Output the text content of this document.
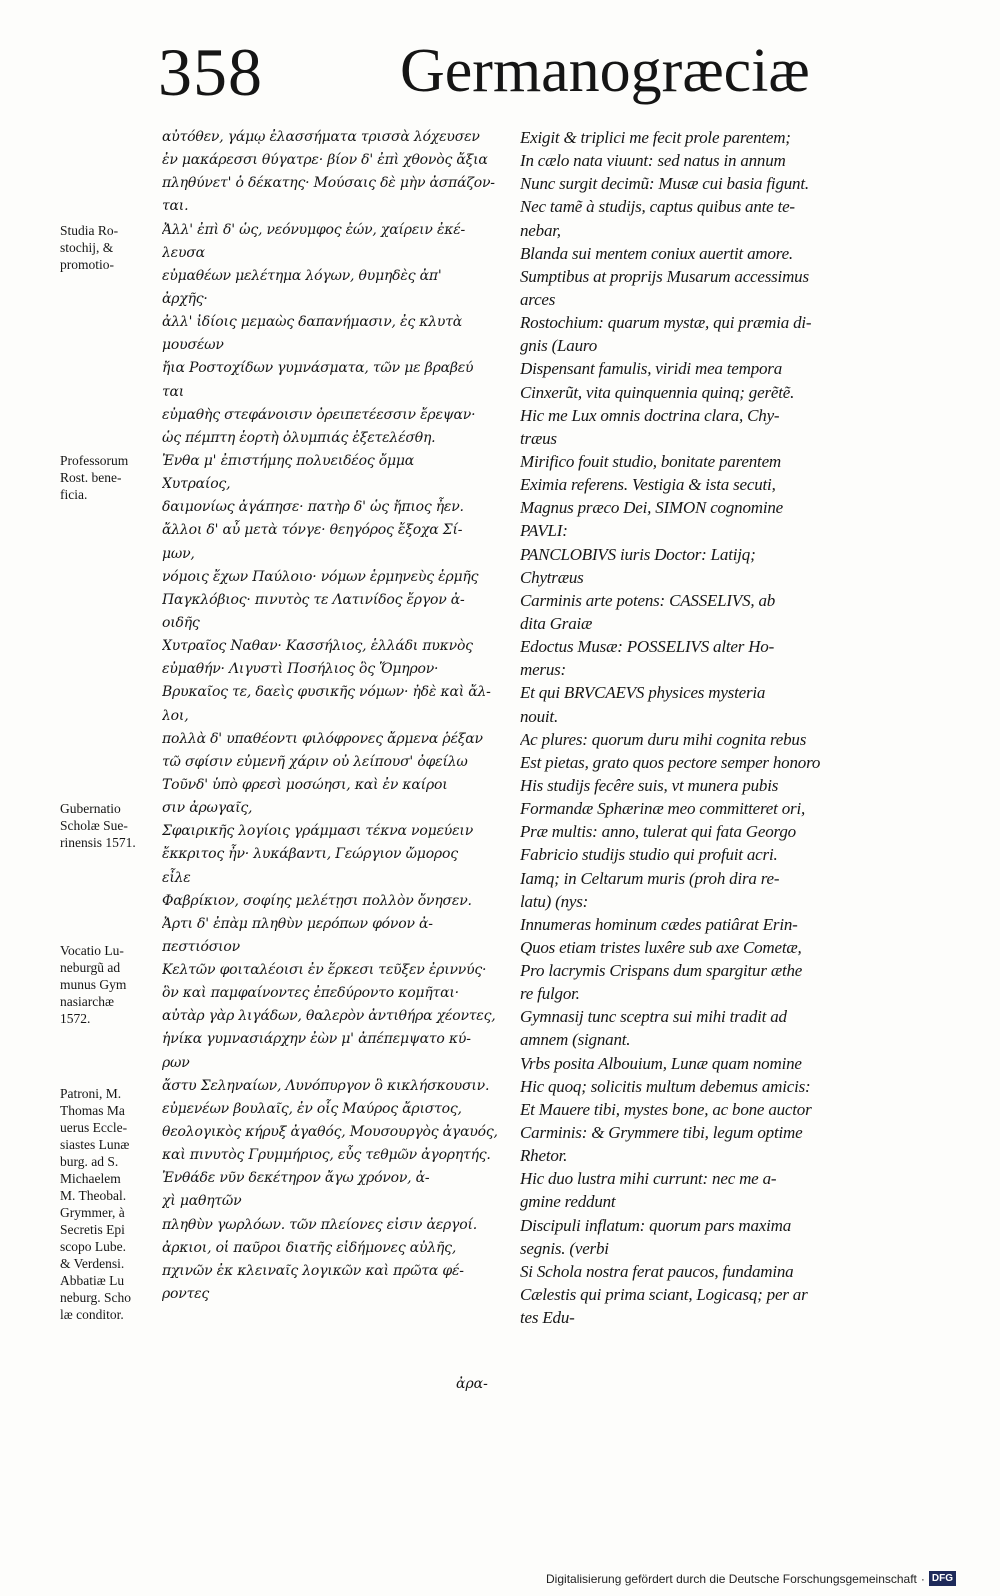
358 Germanogræciæ
Studia Ro-
stochij, &
promotio-
Professorum
Rost. bene-
ficia.
Gubernatio
Scholæ Sue-
rinensis 1571.
Vocatio Lu-
neburgũ ad
munus Gym
nasiarchæ
1572.
Patroni, M.
Thomas Ma
uerus Eccle-
siastes Lunæ
burg. ad S.
Michaelem
M. Theobal.
Grymmer, à
Secretis Epi
scopo Lube.
& Verdensi.
Abbatiæ Lu
neburg. Scho
læ conditor.
αὐτόθεν, γάμῳ ἐλασσήματα τρισσὰ λόχευσεν
ἐν μακάρεσσι θύγατρε· βίον δ' ἐπὶ χθονὸς ἄξια
πληθύνετ' ὁ δέκατης· Μούσαις δὲ μὴν ἀσπάζον-
ται.
Ἀλλ' ἐπὶ δ' ὡς, νεόνυμφος ἐών, χαίρειν ἐκέ-
λευσα
εὐμαθέων μελέτημα λόγων, θυμηδὲς ἀπ'
ἀρχῆς·
ἀλλ' ἰδίοις μεμαὼς δαπανήμασιν, ἐς κλυτὰ
μουσέων
ἤια Ροστοχίδων γυμνάσματα, τῶν με βραβεύ
ται
εὐμαθὴς στεφάνοισιν ὀρειπετέεσσιν ἔρεψαν·
ὡς πέμπτη ἑορτὴ ὀλυμπιάς ἐξετελέσθη.
Ἐνθα μ' ἐπιστήμης πολυειδέος ὄμμα
Χυτραίος,
δαιμονίως ἀγάπησε· πατὴρ δ' ὡς ἤπιος ἦεν.
ἄλλοι δ' αὖ μετὰ τόνγε· θεηγόρος ἔξοχα Σί-
μων,
νόμοις ἔχων Παύλοιο· νόμων ἑρμηνεὺς ἑρμῆς
Παγκλόβιος· πινυτὸς τε Λατινίδος ἔργον ἀ-
οιδῆς
Χυτραῖος Ναθαν· Κασσήλιος, ἑλλάδι πυκνὸς
εὐμαθήν· Λιγυστὶ Ποσήλιος ὃς Ὅμηρον·
Βρυκαῖος τε, δαεὶς φυσικῆς νόμων· ἠδὲ καὶ ἄλ-
λοι,
πολλὰ δ' υπαθέοντι φιλόφρονες ἄρμενα ῥέξαν
τῶ σφίσιν εὐμενῆ χάριν οὐ λείπουσ' ὀφείλω
Τοῦνδ' ὑπὸ φρεσὶ μοσώησι, καὶ ἐν καίροι
σιν ἀρωγαῖς,
Σφαιρικῆς λογίοις γράμμασι τέκνα νομεύειν
ἔκκριτος ἦν· λυκάβαντι, Γεώργιον ὤμορος
εἶλε
Φαβρίκιον, σοφίης μελέτῃσι πολλὸν ὄνησεν.
Ἀρτι δ' ἐπὰμ πληθὺν μερόπων φόνον ἀ-
πεστιόσιον
Κελτῶν φοιταλέοισι ἐν ἕρκεσι τεῦξεν ἐριννύς·
ὃν καὶ παμφαίνοντες ἐπεδύροντο κομῆται·
αὐτὰρ γὰρ λιγάδων, θαλερὸν ἀντιθήρα χέοντες,
ἡνίκα γυμνασιάρχην ἐὼν μ' ἀπέπεμψατο κύ-
ρων
ἄστυ Σεληναίων, Λυνόπυργον ὃ κικλήσκουσιν.
εὐμενέων βουλαῖς, ἐν οἷς Μαύρος ἄριστος,
θεολογικὸς κήρυξ ἀγαθός, Μουσουργὸς ἀγαυός,
καὶ πινυτὸς Γρυμμήριος, εὖς τεθμῶν ἀγορητής.
Ἐνθάδε νῦν δεκέτηρον ἄγω χρόνον, ἀ-
χὶ μαθητῶν
πληθὺν γωρλόων. τῶν πλείονες εἰσιν ἀεργοί.
ἀρκιοι, οἱ παῦροι διατῆς εἰδήμονες αὐλῆς,
πχινῶν ἐκ κλειναῖς λογικῶν καὶ πρῶτα φέ-
ροντες
Exigit & triplici me fecit prole parentem;
In cælo nata viuunt: sed natus in annum
Nunc surgit decimũ: Musæ cui basia figunt.
Nec tamẽ à studijs, captus quibus ante te-
nebar,
Blanda sui mentem coniux auertit amore.
Sumptibus at proprijs Musarum accessimus
arces
Rostochium: quarum mystæ, qui præmia di-
gnis (Lauro
Dispensant famulis, viridi mea tempora
Cinxerũt, vita quinquennia quinq; gerẽtẽ.
Hic me Lux omnis doctrina clara, Chy-
træus
Mirifico fouit studio, bonitate parentem
Eximia referens. Vestigia & ista secuti,
Magnus præco Dei, SIMON cognomine
PAVLI:
PANCLOBIVS iuris Doctor: Latijq;
Chytræus
Carminis arte potens: CASSELIVS, ab
dita Graiæ
Edoctus Musæ: POSSELIVS alter Ho-
merus:
Et qui BRVCAEVS physices mysteria
nouit.
Ac plures: quorum duru mihi cognita rebus
Est pietas, grato quos pectore semper honoro
His studijs fecêre suis, vt munera pubis
Formandæ Sphærinæ meo committeret ori,
Præ multis: anno, tulerat qui fata Georgo
Fabricio studijs studio qui profuit acri.
Iamq; in Celtarum muris (proh dira re-
latu) (nys:
Innumeras hominum cædes patiârat Erin-
Quos etiam tristes luxêre sub axe Cometæ,
Pro lacrymis Crispans dum spargitur æthe
re fulgor.
Gymnasij tunc sceptra sui mihi tradit ad
amnem (signant.
Vrbs posita Albouium, Lunæ quam nomine
Hic quoq; solicitis multum debemus amicis:
Et Mauere tibi, mystes bone, ac bone auctor
Carminis: & Grymmere tibi, legum optime
Rhetor.
Hic duo lustra mihi currunt: nec me a-
gmine reddunt
Discipuli inflatum: quorum pars maxima
segnis. (verbi
Si Schola nostra ferat paucos, fundamina
Cælestis qui prima sciant, Logicasq; per ar
tes Edu-
ἀρα-
Digitalisierung gefördert durch die Deutsche Forschungsgemeinschaft · DFG
